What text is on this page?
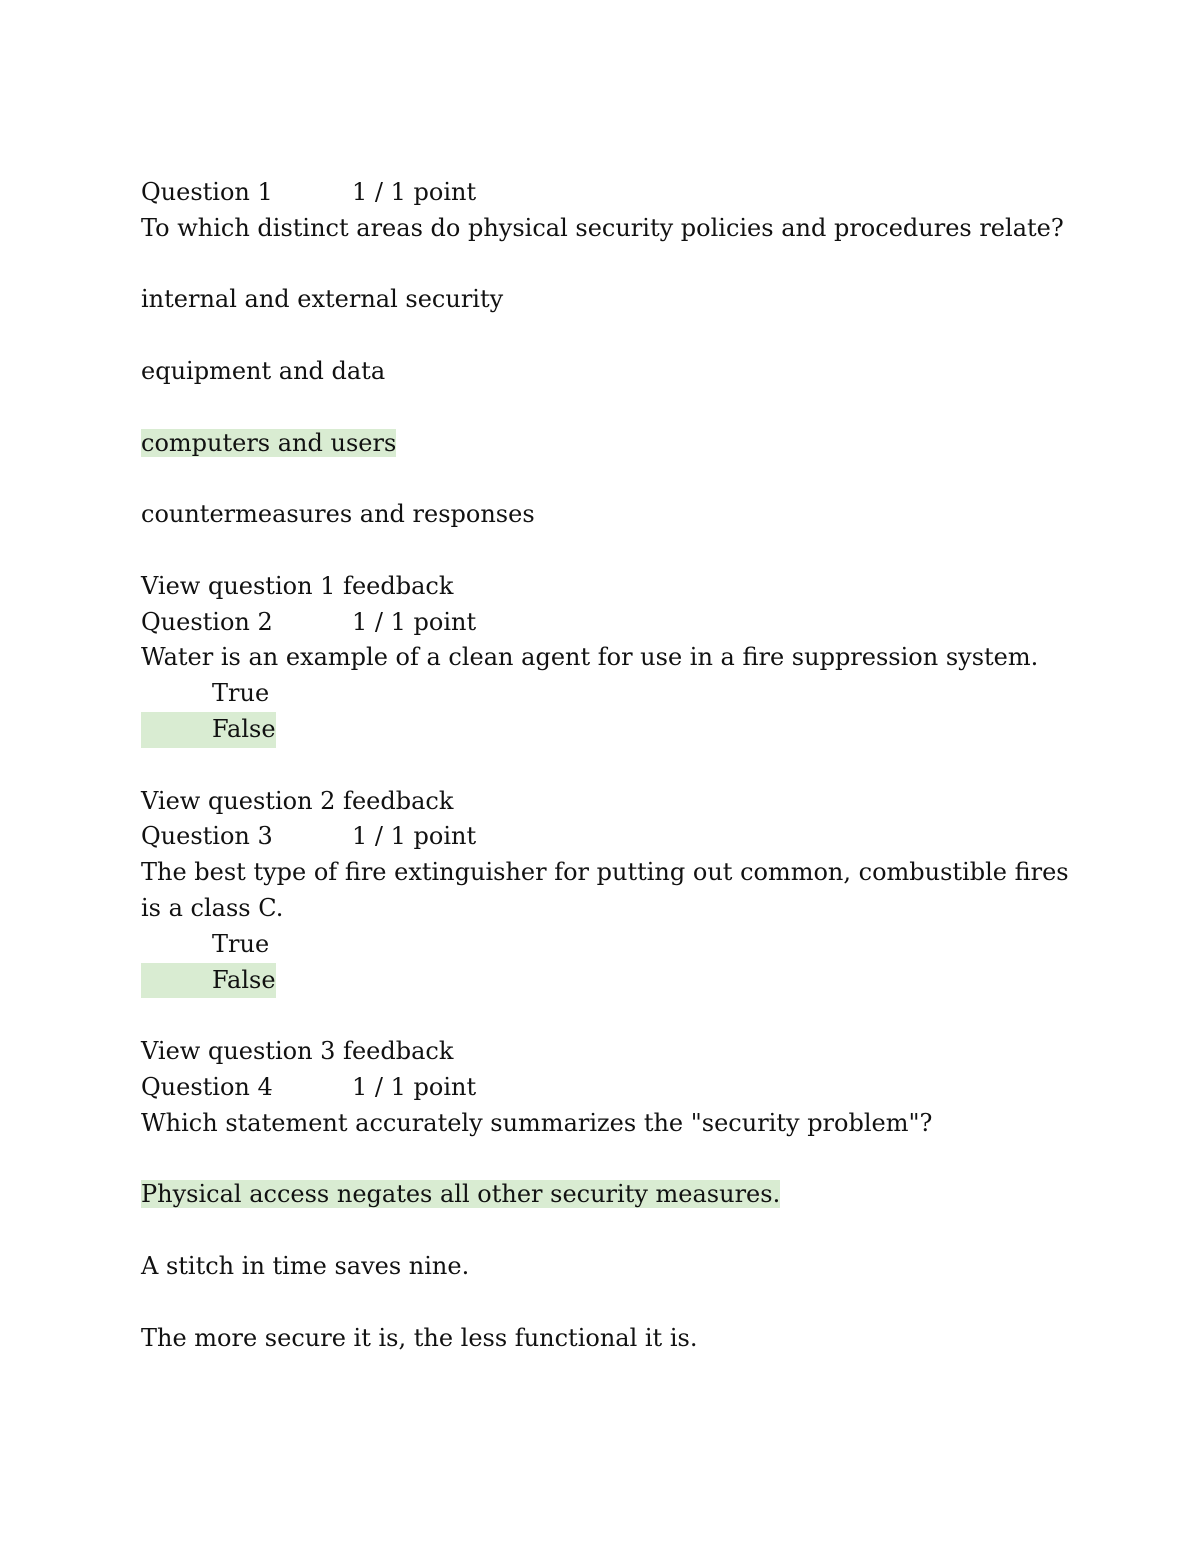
Question 1	1 / 1 point
To which distinct areas do physical security policies and procedures relate?
internal and external security
equipment and data
computers and users
countermeasures and responses
View question 1 feedback
Question 2	1 / 1 point
Water is an example of a clean agent for use in a fire suppression system.
True
False
View question 2 feedback
Question 3	1 / 1 point
The best type of fire extinguisher for putting out common, combustible fires is a class C.
True
False
View question 3 feedback
Question 4	1 / 1 point
Which statement accurately summarizes the "security problem"?
Physical access negates all other security measures.
A stitch in time saves nine.
The more secure it is, the less functional it is.
